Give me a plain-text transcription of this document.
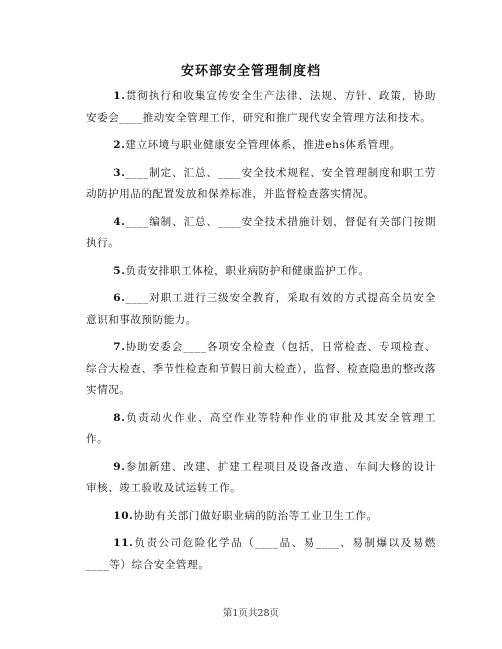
安环部安全管理制度档

1.贯彻执行和收集宣传安全生产法律、法规、方针、政策，协助安委会____推动安全管理工作，研究和推广现代安全管理方法和技术。

2.建立环境与职业健康安全管理体系，推进ehs体系管理。

3.____制定、汇总、____安全技术规程、安全管理制度和职工劳动防护用品的配置发放和保养标准，并监督检查落实情况。

4.____编制、汇总、____安全技术措施计划，督促有关部门按期执行。

5.负责安排职工体检，职业病防护和健康监护工作。

6.____对职工进行三级安全教育，采取有效的方式提高全员安全意识和事故预防能力。

7.协助安委会____各项安全检查（包括，日常检查、专项检查、综合大检查、季节性检查和节假日前大检查），监督、检查隐患的整改落实情况。

8.负责动火作业、高空作业等特种作业的审批及其安全管理工作。

9.参加新建、改建、扩建工程项目及设备改造、车间大修的设计审核、竣工验收及试运转工作。

10.协助有关部门做好职业病的防治等工业卫生工作。

11.负责公司危险化学品（____品、易____、易制爆以及易燃____等）综合安全管理。

第1页共28页
